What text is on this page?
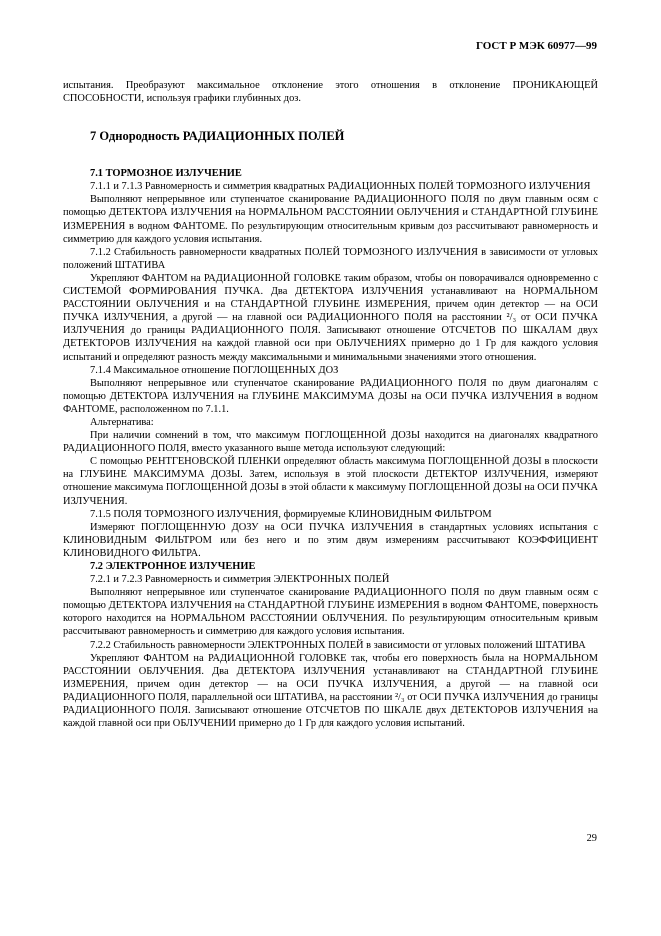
ГОСТ Р МЭК 60977—99

испытания. Преобразуют максимальное отклонение этого отношения в отклонение ПРОНИКАЮЩЕЙ СПОСОБНОСТИ, используя графики глубинных доз.

7 Однородность РАДИАЦИОННЫХ ПОЛЕЙ
7.1 ТОРМОЗНОЕ ИЗЛУЧЕНИЕ

7.1.1 и 7.1.3 Равномерность и симметрия квадратных РАДИАЦИОННЫХ ПОЛЕЙ ТОРМОЗНОГО ИЗЛУЧЕНИЯ

Выполняют непрерывное или ступенчатое сканирование РАДИАЦИОННОГО ПОЛЯ по двум главным осям с помощью ДЕТЕКТОРА ИЗЛУЧЕНИЯ на НОРМАЛЬНОМ РАССТОЯНИИ ОБЛУЧЕНИЯ и СТАНДАРТНОЙ ГЛУБИНЕ ИЗМЕРЕНИЯ в водном ФАНТОМЕ. По результирующим относительным кривым доз рассчитывают равномерность и симметрию для каждого условия испытания.

7.1.2 Стабильность равномерности квадратных ПОЛЕЙ ТОРМОЗНОГО ИЗЛУЧЕНИЯ в зависимости от угловых положений ШТАТИВА

Укрепляют ФАНТОМ на РАДИАЦИОННОЙ ГОЛОВКЕ таким образом, чтобы он поворачивался одновременно с СИСТЕМОЙ ФОРМИРОВАНИЯ ПУЧКА. Два ДЕТЕКТОРА ИЗЛУЧЕНИЯ устанавливают на НОРМАЛЬНОМ РАССТОЯНИИ ОБЛУЧЕНИЯ и на СТАНДАРТНОЙ ГЛУБИНЕ ИЗМЕРЕНИЯ, причем один детектор — на ОСИ ПУЧКА ИЗЛУЧЕНИЯ, а другой — на главной оси РАДИАЦИОННОГО ПОЛЯ на расстоянии ²/₃ от ОСИ ПУЧКА ИЗЛУЧЕНИЯ до границы РАДИАЦИОННОГО ПОЛЯ. Записывают отношение ОТСЧЕТОВ ПО ШКАЛАМ двух ДЕТЕКТОРОВ ИЗЛУЧЕНИЯ на каждой главной оси при ОБЛУЧЕНИЯХ примерно до 1 Гр для каждого условия испытаний и определяют разность между максимальными и минимальными значениями этого отношения.

7.1.4 Максимальное отношение ПОГЛОЩЕННЫХ ДОЗ

Выполняют непрерывное или ступенчатое сканирование РАДИАЦИОННОГО ПОЛЯ по двум диагоналям с помощью ДЕТЕКТОРА ИЗЛУЧЕНИЯ на ГЛУБИНЕ МАКСИМУМА ДОЗЫ на ОСИ ПУЧКА ИЗЛУЧЕНИЯ в водном ФАНТОМЕ, расположенном по 7.1.1.

Альтернатива:

При наличии сомнений в том, что максимум ПОГЛОЩЕННОЙ ДОЗЫ находится на диагоналях квадратного РАДИАЦИОННОГО ПОЛЯ, вместо указанного выше метода используют следующий:

С помощью РЕНТГЕНОВСКОЙ ПЛЕНКИ определяют область максимума ПОГЛОЩЕННОЙ ДОЗЫ в плоскости на ГЛУБИНЕ МАКСИМУМА ДОЗЫ. Затем, используя в этой плоскости ДЕТЕКТОР ИЗЛУЧЕНИЯ, измеряют отношение максимума ПОГЛОЩЕННОЙ ДОЗЫ в этой области к максимуму ПОГЛОЩЕННОЙ ДОЗЫ на ОСИ ПУЧКА ИЗЛУЧЕНИЯ.

7.1.5 ПОЛЯ ТОРМОЗНОГО ИЗЛУЧЕНИЯ, формируемые КЛИНОВИДНЫМ ФИЛЬТРОМ

Измеряют ПОГЛОЩЕННУЮ ДОЗУ на ОСИ ПУЧКА ИЗЛУЧЕНИЯ в стандартных условиях испытания с КЛИНОВИДНЫМ ФИЛЬТРОМ или без него и по этим двум измерениям рассчитывают КОЭФФИЦИЕНТ КЛИНОВИДНОГО ФИЛЬТРА.

7.2 ЭЛЕКТРОННОЕ ИЗЛУЧЕНИЕ

7.2.1 и 7.2.3 Равномерность и симметрия ЭЛЕКТРОННЫХ ПОЛЕЙ

Выполняют непрерывное или ступенчатое сканирование РАДИАЦИОННОГО ПОЛЯ по двум главным осям с помощью ДЕТЕКТОРА ИЗЛУЧЕНИЯ на СТАНДАРТНОЙ ГЛУБИНЕ ИЗМЕРЕНИЯ в водном ФАНТОМЕ, поверхность которого находится на НОРМАЛЬНОМ РАССТОЯНИИ ОБЛУЧЕНИЯ. По результирующим относительным кривым рассчитывают равномерность и симметрию для каждого условия испытания.

7.2.2 Стабильность равномерности ЭЛЕКТРОННЫХ ПОЛЕЙ в зависимости от угловых положений ШТАТИВА

Укрепляют ФАНТОМ на РАДИАЦИОННОЙ ГОЛОВКЕ так, чтобы его поверхность была на НОРМАЛЬНОМ РАССТОЯНИИ ОБЛУЧЕНИЯ. Два ДЕТЕКТОРА ИЗЛУЧЕНИЯ устанавливают на СТАНДАРТНОЙ ГЛУБИНЕ ИЗМЕРЕНИЯ, причем один детектор — на ОСИ ПУЧКА ИЗЛУЧЕНИЯ, а другой — на главной оси РАДИАЦИОННОГО ПОЛЯ, параллельной оси ШТАТИВА, на расстоянии ²/₃ от ОСИ ПУЧКА ИЗЛУЧЕНИЯ до границы РАДИАЦИОННОГО ПОЛЯ. Записывают отношение ОТСЧЕТОВ ПО ШКАЛЕ двух ДЕТЕКТОРОВ ИЗЛУЧЕНИЯ на каждой главной оси при ОБЛУЧЕНИИ примерно до 1 Гр для каждого условия испытаний.

29
